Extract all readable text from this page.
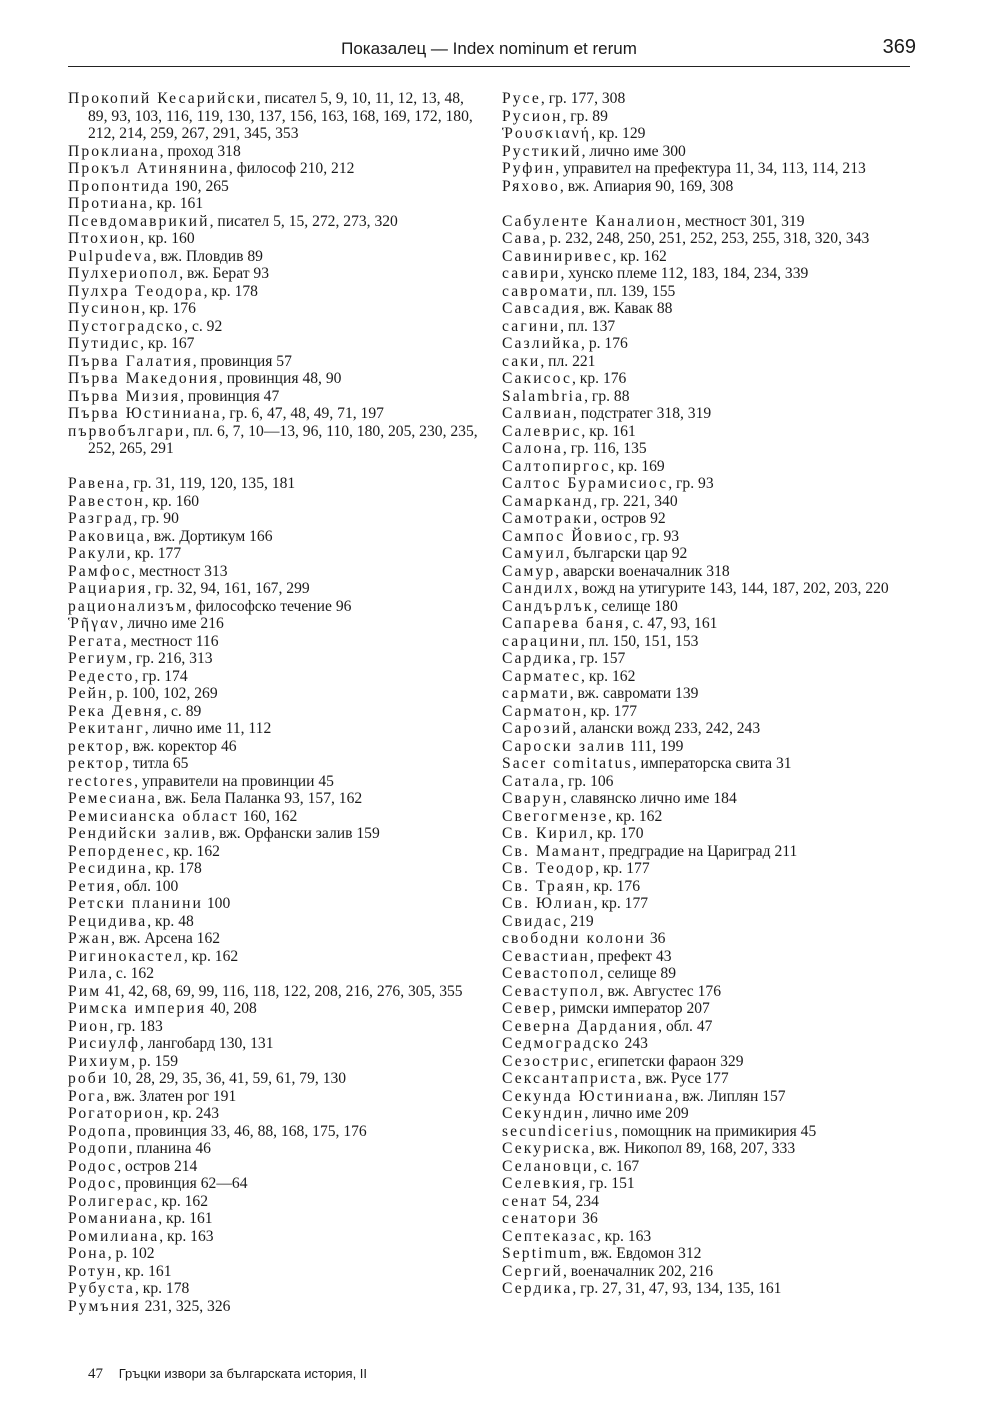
Показалец — Index nominum et rerum	369
Прокопий Кесарийски, писател 5, 9, 10, 11, 12, 13, 48, 89, 93, 103, 116, 119, 130, 137, 156, 163, 168, 169, 172, 180, 212, 214, 259, 267, 291, 345, 353
Проклиана, проход 318
Прокъл Атинянина, философ 210, 212
Пропонтида 190, 265
Протиана, кр. 161
Псевдомаврикий, писател 5, 15, 272, 273, 320
Птохион, кр. 160
Pulpudeva, вж. Пловдив 89
Пулхериопол, вж. Берат 93
Пулхра Теодора, кр. 178
Пусинон, кр. 176
Пустоградско, с. 92
Путидис, кр. 167
Първа Галатия, провинция 57
Първа Македония, провинция 48, 90
Първа Мизия, провинция 47
Първа Юстиниана, гр. 6, 47, 48, 49, 71, 197
първобългари, пл. 6, 7, 10—13, 96, 110, 180, 205, 230, 235, 252, 265, 291
Равена, гр. 31, 119, 120, 135, 181
Равестон, кр. 160
Разград, гр. 90
Раковица, вж. Дортикум 166
Ракули, кр. 177
Рамфос, местност 313
Рациария, гр. 32, 94, 161, 167, 299
рационализъм, философско течение 96
Ῥῆγαν, лично име 216
Регата, местност 116
Региум, гр. 216, 313
Редесто, гр. 174
Рейн, р. 100, 102, 269
Река Девня, с. 89
Рекитанг, лично име 11, 112
ректор, вж. коректор 46
ректор, титла 65
rectores, управители на провинции 45
Ремесиана, вж. Бела Паланка 93, 157, 162
Ремисианска област 160, 162
Рендийски залив, вж. Орфански залив 159
Репорденес, кр. 162
Ресидина, кр. 178
Ретия, обл. 100
Ретски планини 100
Рецидива, кр. 48
Ржан, вж. Арсена 162
Ригинокастел, кр. 162
Рила, с. 162
Рим 41, 42, 68, 69, 99, 116, 118, 122, 208, 216, 276, 305, 355
Римска империя 40, 208
Рион, гр. 183
Рисиулф, лангобард 130, 131
Рихиум, р. 159
роби 10, 28, 29, 35, 36, 41, 59, 61, 79, 130
Рога, вж. Златен рог 191
Рогаторион, кр. 243
Родопа, провинция 33, 46, 88, 168, 175, 176
Родопи, планина 46
Родос, остров 214
Родос, провинция 62—64
Ролигерас, кр. 162
Романиана, кр. 161
Ромилиана, кр. 163
Рона, р. 102
Ротун, кр. 161
Рубуста, кр. 178
Румъния 231, 325, 326
Русе, гр. 177, 308
Русион, гр. 89
Ῥουσκιανή, кр. 129
Рустикий, лично име 300
Руфин, управител на префектура 11, 34, 113, 114, 213
Ряхово, вж. Апиария 90, 169, 308
Сабуленте Каналион, местност 301, 319
Сава, р. 232, 248, 250, 251, 252, 253, 255, 318, 320, 343
Савиниривес, кр. 162
савири, хунско племе 112, 183, 184, 234, 339
савромати, пл. 139, 155
Савсадия, вж. Кавак 88
сагини, пл. 137
Сазлийка, р. 176
саки, пл. 221
Сакисос, кр. 176
Salambria, гр. 88
Салвиан, подстратег 318, 319
Салеврис, кр. 161
Салона, гр. 116, 135
Салтопиргос, кр. 169
Салтос Бурамисиос, гр. 93
Самарканд, гр. 221, 340
Самотраки, остров 92
Сампос Йовиос, гр. 93
Самуил, български цар 92
Самур, аварски военачалник 318
Сандилх, вожд на утигурите 143, 144, 187, 202, 203, 220
Сандърлък, селище 180
Сапарева баня, с. 47, 93, 161
сарацини, пл. 150, 151, 153
Сардика, гр. 157
Сарматес, кр. 162
сармати, вж. савромати 139
Сарматон, кр. 177
Сарозий, алански вожд 233, 242, 243
Сароски залив 111, 199
Sacer comitatus, императорска свита 31
Сатала, гр. 106
Сварун, славянско лично име 184
Свегогмензе, кр. 162
Св. Кирил, кр. 170
Св. Мамант, предградие на Цариград 211
Св. Теодор, кр. 177
Св. Траян, кр. 176
Св. Юлиан, кр. 177
Свидас, 219
свободни колони 36
Севастиан, префект 43
Севастопол, селище 89
Севаступол, вж. Августес 176
Север, римски император 207
Северна Дардания, обл. 47
Седмоградско 243
Сезострис, египетски фараон 329
Сексантаприста, вж. Русе 177
Секунда Юстиниана, вж. Липлян 157
Секундин, лично име 209
secundicerius, помощник на примикирия 45
Секуриска, вж. Никопол 89, 168, 207, 333
Селановци, с. 167
Селевкия, гр. 151
сенат 54, 234
сенатори 36
Септеказас, кр. 163
Septimum, вж. Евдомон 312
Сергий, военачалник 202, 216
Сердика, гр. 27, 31, 47, 93, 134, 135, 161
47 Гръцки извори за българската история, II
